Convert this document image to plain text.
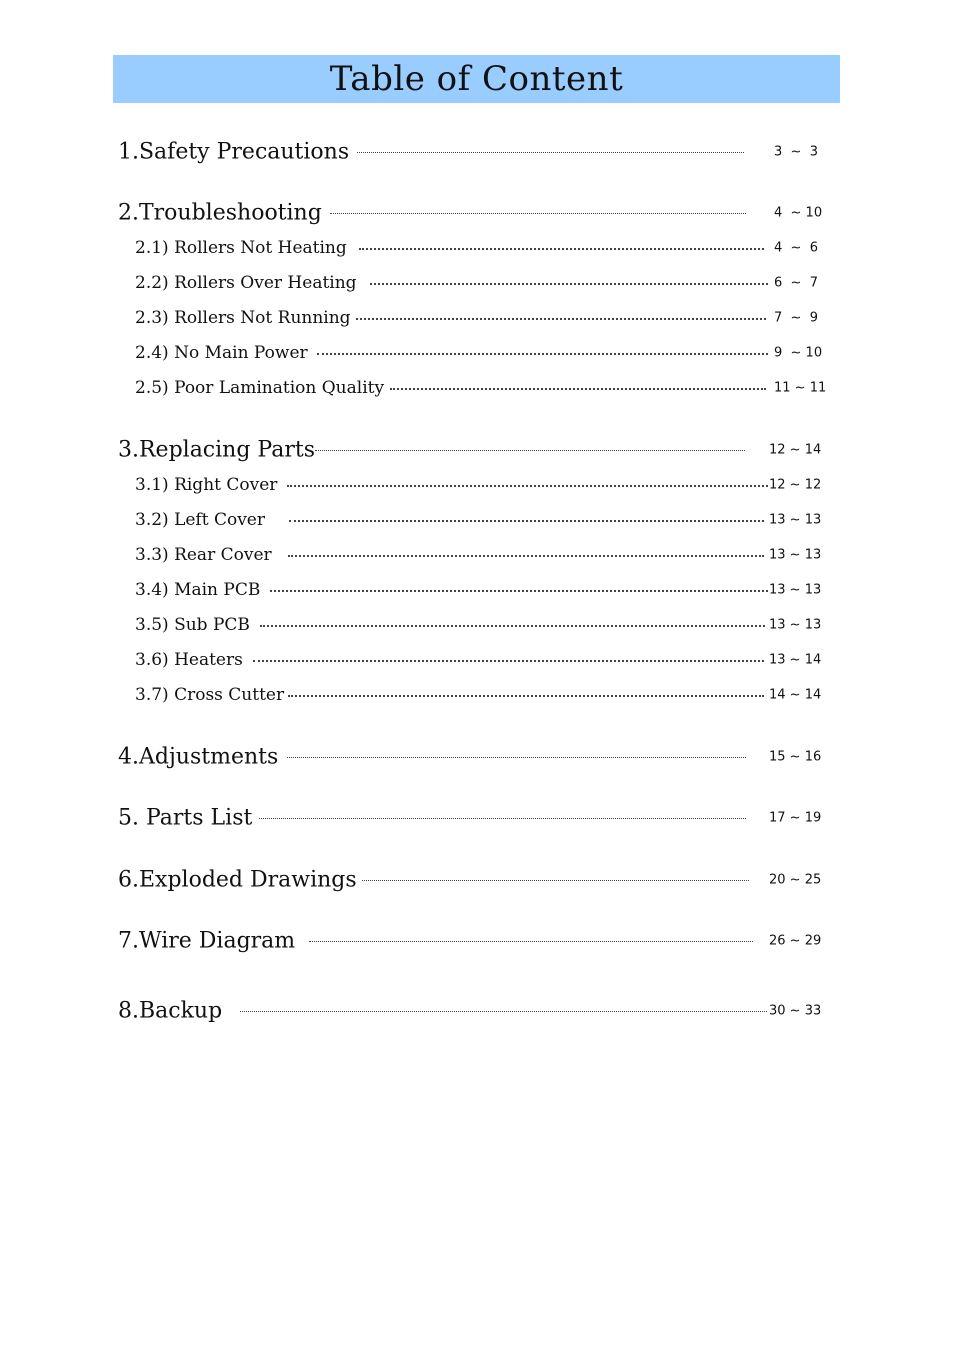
Table of Content
1.Safety Precautions	3  ~  3
2.Troubleshooting	4  ~ 10
2.1) Rollers Not Heating	4  ~  6
2.2) Rollers Over Heating	6  ~  7
2.3) Rollers Not Running	7  ~  9
2.4) No Main Power	9  ~ 10
2.5) Poor Lamination Quality	11 ~ 11
3.Replacing Parts	12 ~ 14
3.1) Right Cover	12 ~ 12
3.2) Left Cover	13 ~ 13
3.3) Rear Cover	13 ~ 13
3.4) Main PCB	13 ~ 13
3.5) Sub PCB	13 ~ 13
3.6) Heaters	13 ~ 14
3.7) Cross Cutter	14 ~ 14
4.Adjustments	15 ~ 16
5. Parts List	17 ~ 19
6.Exploded Drawings	20 ~ 25
7.Wire Diagram	26 ~ 29
8.Backup	30 ~ 33
